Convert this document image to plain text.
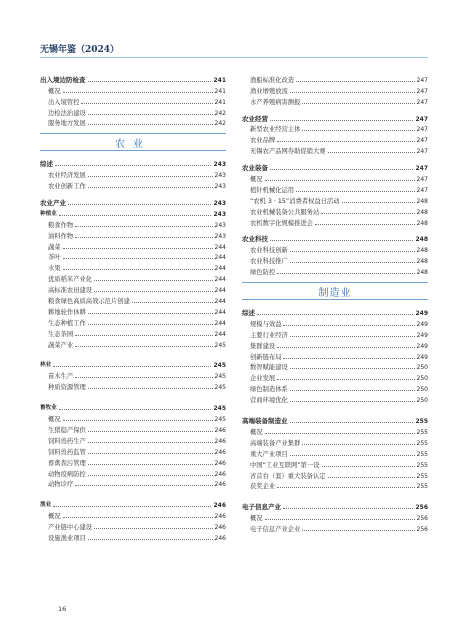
无锡年鉴（2024）
出入境边防检查	241
概况	241
出入境管控	241
边检法治建设	242
服务地方发展	242
农业
综述	243
农业经济发展	243
农业创新工作	243
农业产业	243
种植业	243
粮食作物	243
油料作物	243
蔬菜	244
茶叶	244
水果	244
优质稻米产业化	244
高标准农田建设	244
粮食绿色高质高效示范片创建	244
耕地轮作休耕	244
生态种植工作	244
生态茶园	244
蔬菜产业	245
林业	245
苗木生产	245
种质资源管理	245
畜牧业	245
概况	245
生猪稳产保供	246
饲料兽药生产	246
饲料兽药监管	246
畜禽粪污管理	246
动物疫病防控	246
动物诊疗	246
渔业	246
概况	246
产业链中心建设	246
设施渔业项目	246
渔船标准化改造	247
渔业增殖放流	247
水产养殖病害测报	247
农业经营	247
新型农业经营主体	247
农业品牌	247
无锡农产品网券助促销大赛	247
农业装备	247
概况	247
植针机械化运用	247
“农机 3 · 15”消费者权益日活动	248
农业机械装备公共服务站	248
农机数字化规模推进会	248
农业科技	248
农业科技创新	248
农业科技推广	248
绿色防控	248
制造业
综述	249
规模与效益	249
主要行业经济	249
集群建设	249
创新链布局	249
数智赋能建设	250
企业发展	250
绿色制造体系	250
营商环境优化	250
高端装备制造业	255
概况	255
高端装备产业集群	255
重大产业项目	255
中国“工业互联网”第一设	255
省首台（套）重大装备认定	255
获奖企业	255
电子信息产业	256
概况	256
电子信息产业企业	256
16
